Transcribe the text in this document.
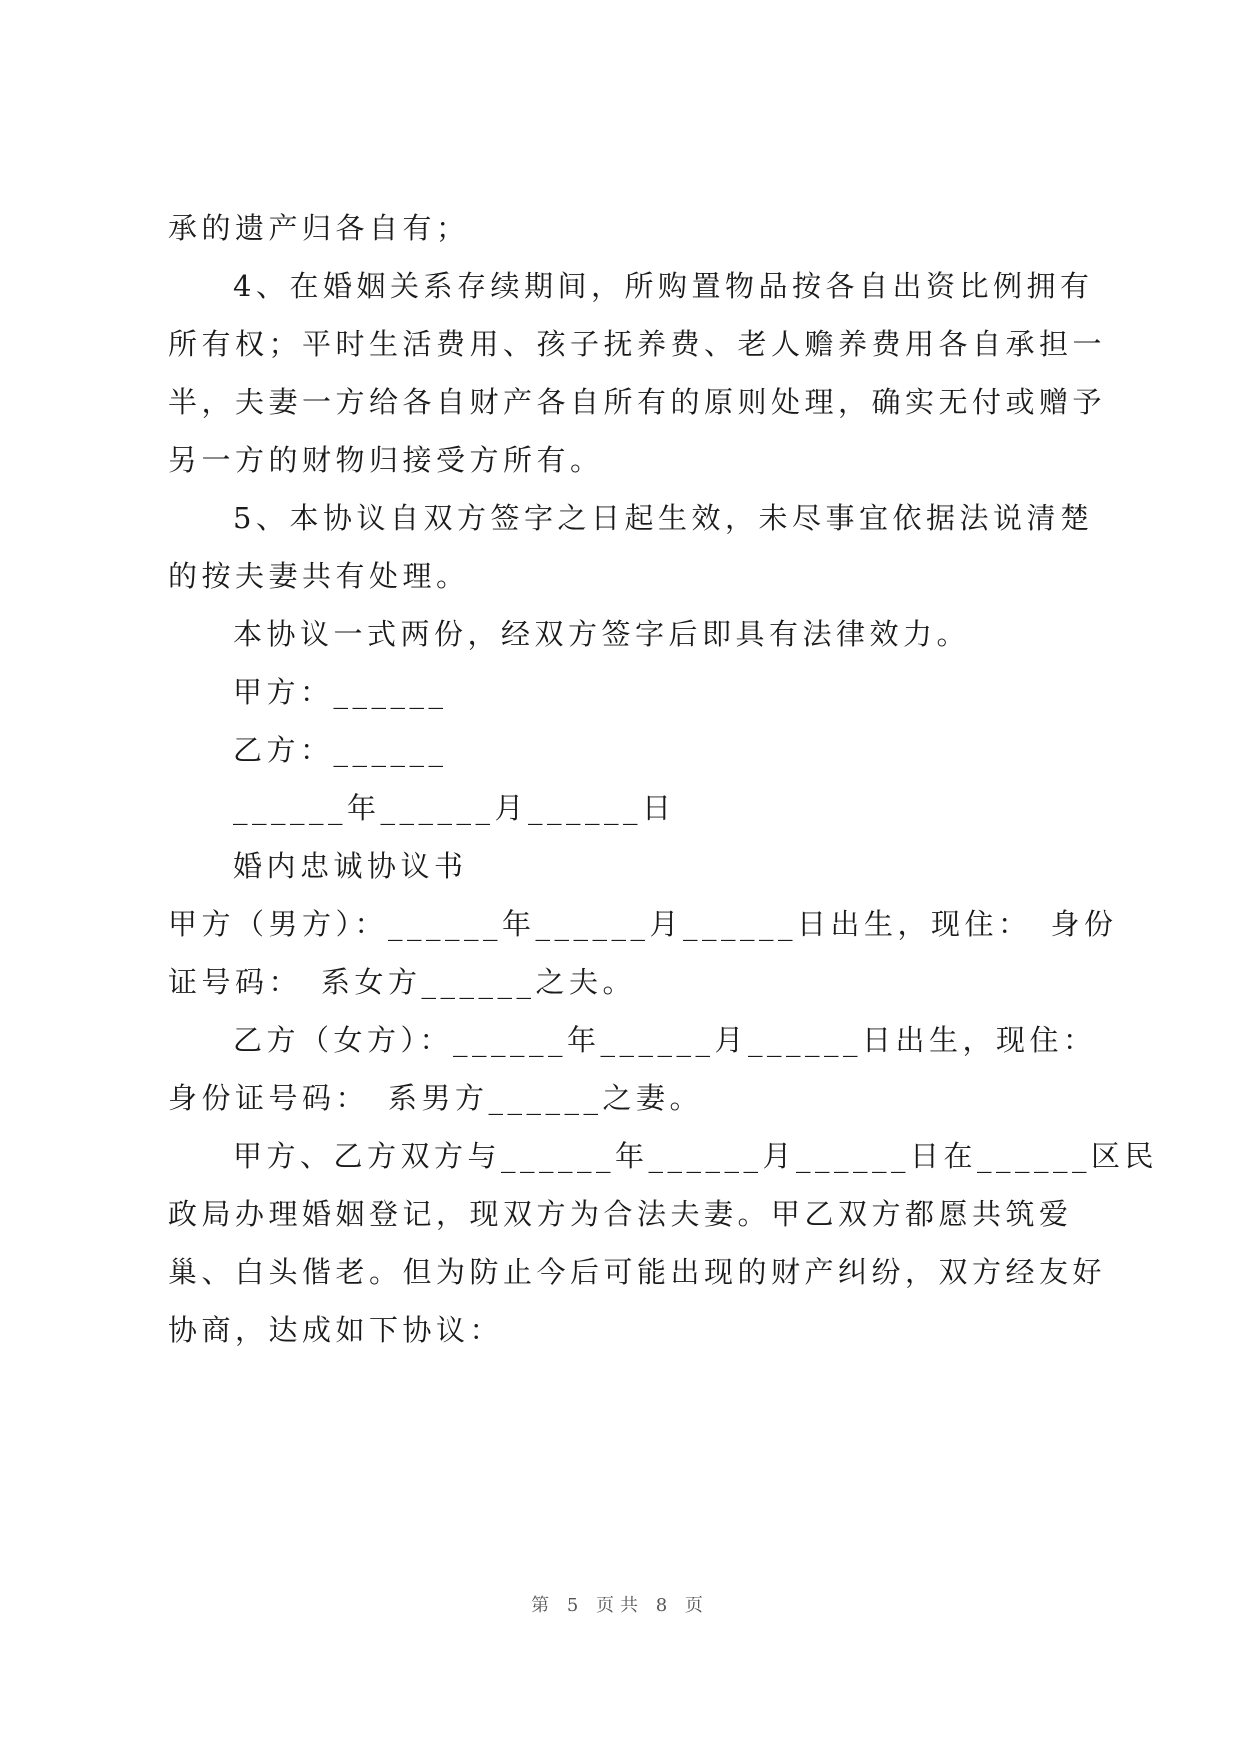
承的遗产归各自有；
4、在婚姻关系存续期间，所购置物品按各自出资比例拥有
所有权；平时生活费用、孩子抚养费、老人赡养费用各自承担一
半，夫妻一方给各自财产各自所有的原则处理，确实无付或赠予
另一方的财物归接受方所有。
5、本协议自双方签字之日起生效，未尽事宜依据法说清楚
的按夫妻共有处理。
本协议一式两份，经双方签字后即具有法律效力。
甲方：______
乙方：______
______年______月______日
婚内忠诚协议书
甲方（男方）：______年______月______日出生，现住：　身份
证号码：　系女方______之夫。
乙方（女方）：______年______月______日出生，现住：
身份证号码：　系男方______之妻。
甲方、乙方双方与______年______月______日在______区民
政局办理婚姻登记，现双方为合法夫妻。甲乙双方都愿共筑爱
巢、白头偕老。但为防止今后可能出现的财产纠纷，双方经友好
协商，达成如下协议：
第 5 页共 8 页
